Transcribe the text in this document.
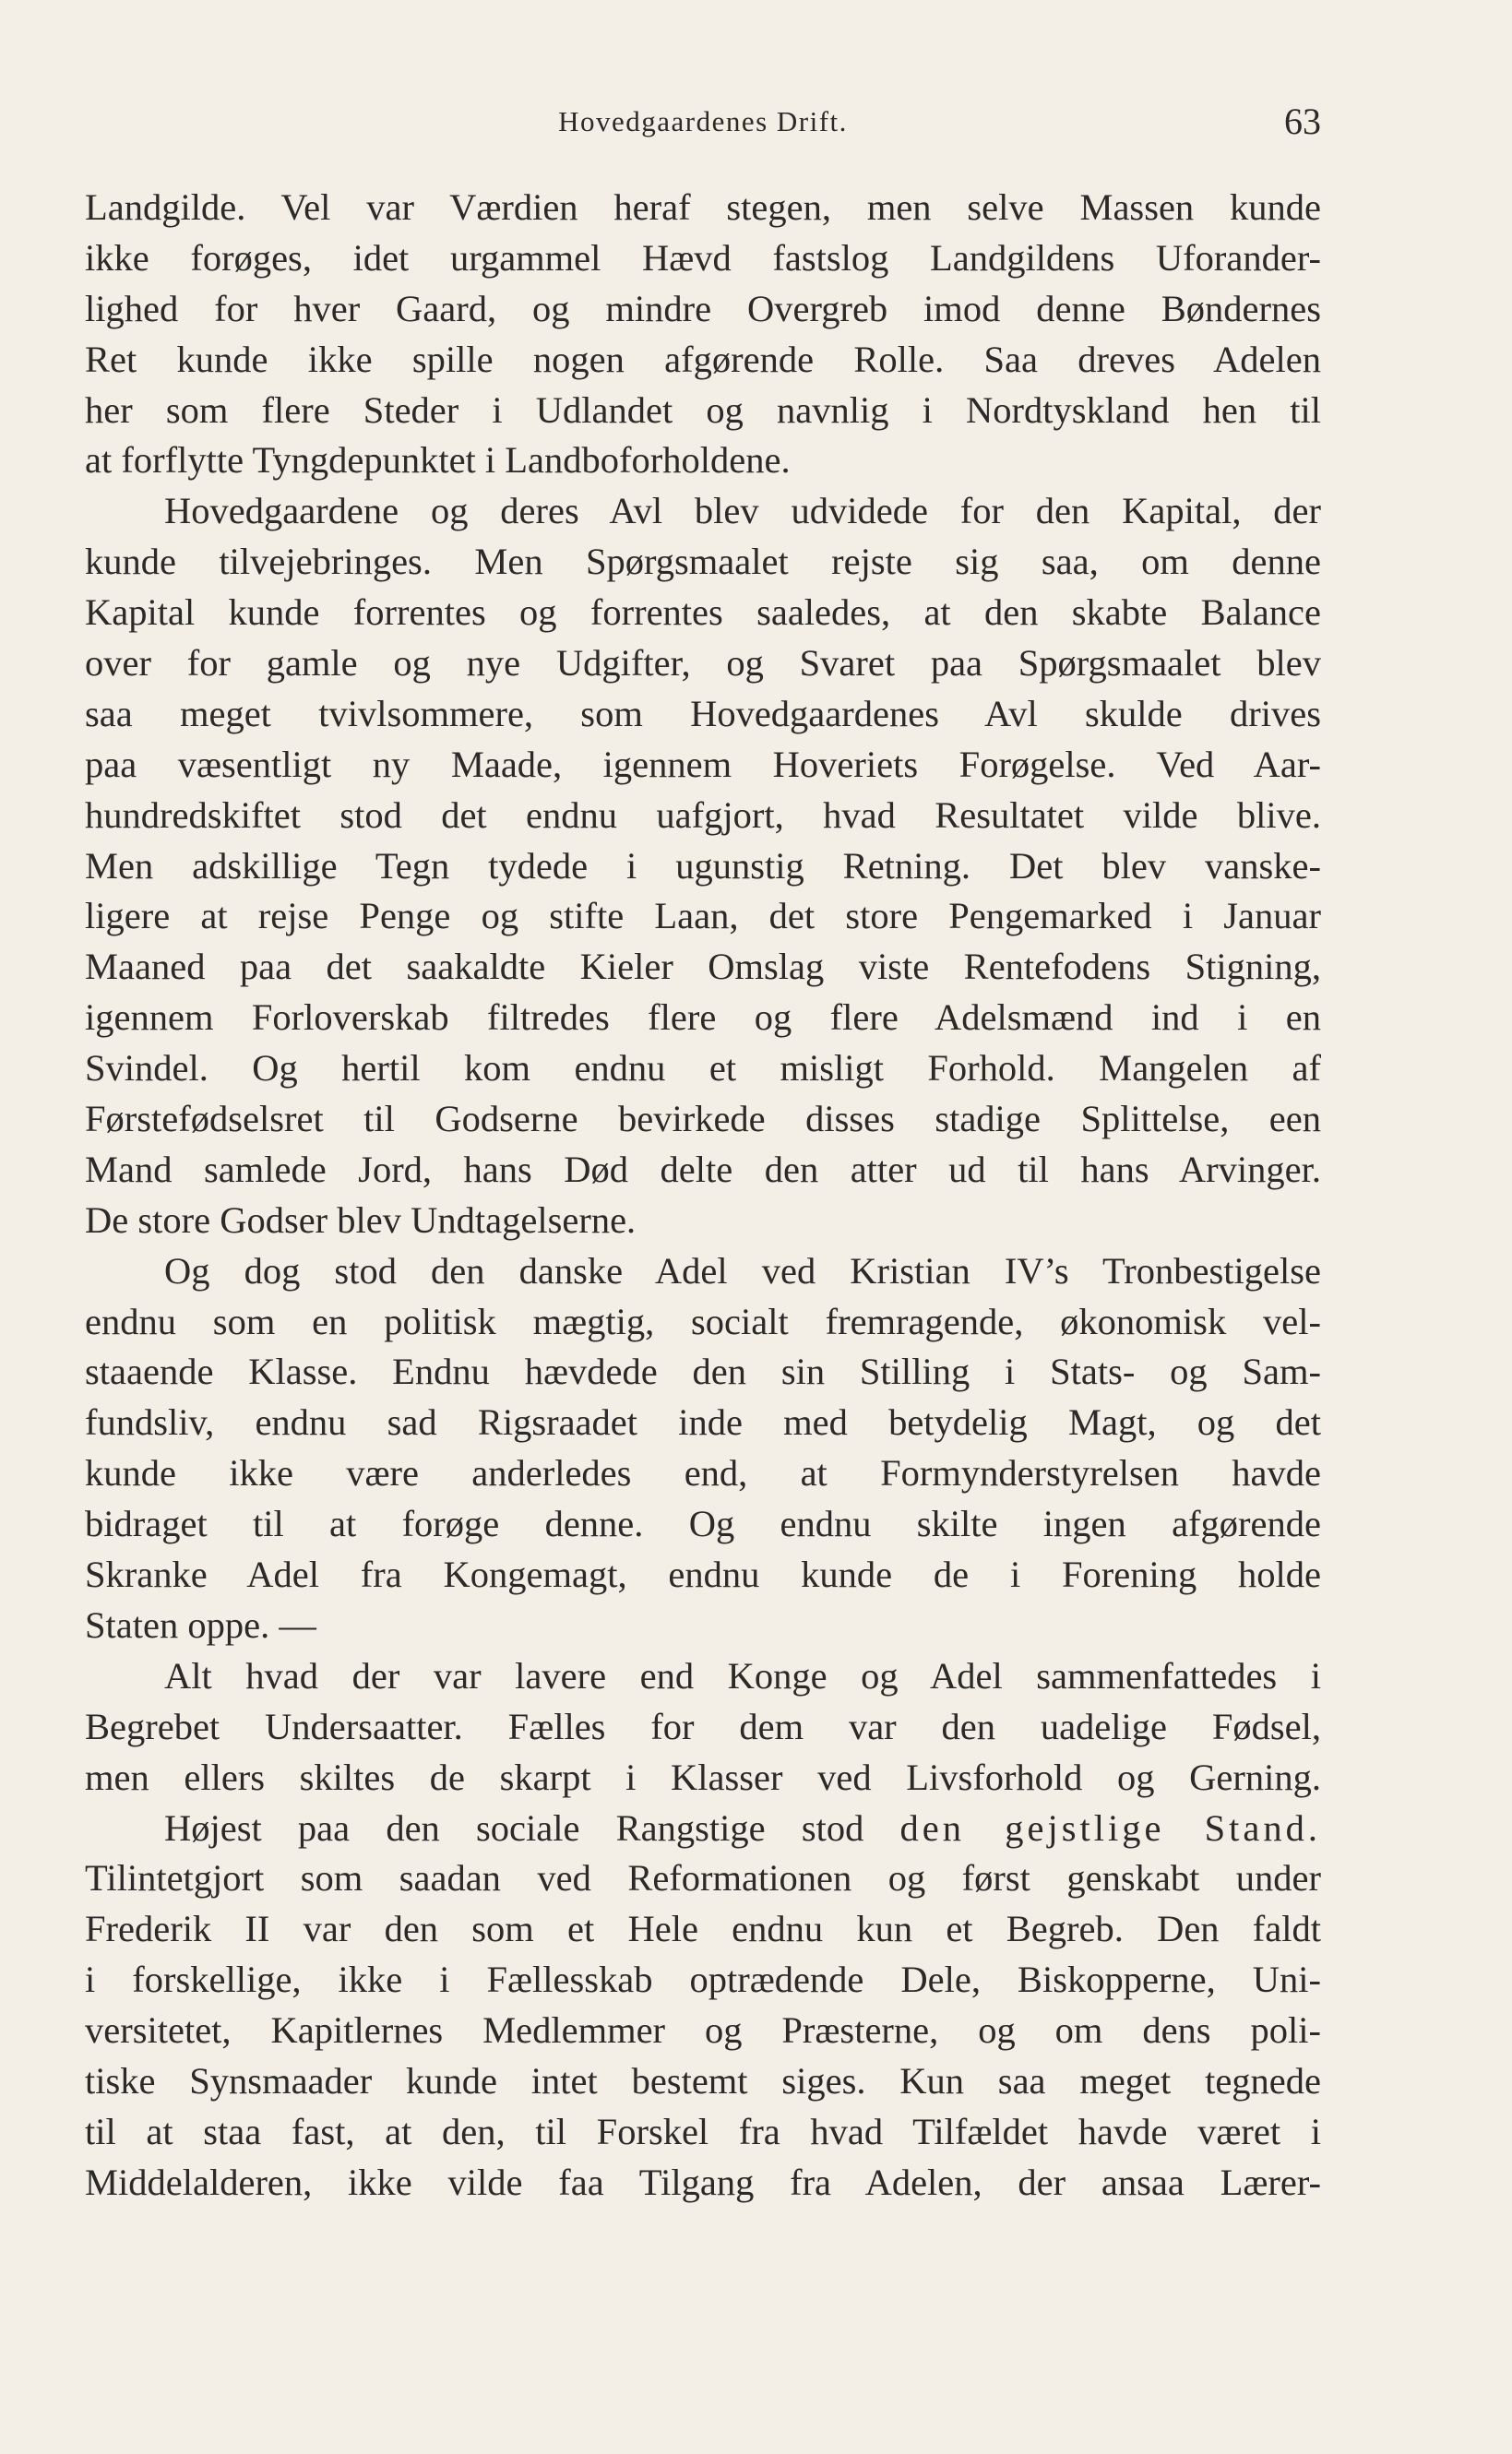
Hovedgaardenes Drift.	63
Landgilde. Vel var Værdien heraf stegen, men selve Massen kunde
ikke forøges, idet urgammel Hævd fastslog Landgildens Uforander-
lighed for hver Gaard, og mindre Overgreb imod denne Bøndernes
Ret kunde ikke spille nogen afgørende Rolle. Saa dreves Adelen
her som flere Steder i Udlandet og navnlig i Nordtyskland hen til
at forflytte Tyngdepunktet i Landboforholdene.
Hovedgaardene og deres Avl blev udvidede for den Kapital, der
kunde tilvejebringes. Men Spørgsmaalet rejste sig saa, om denne
Kapital kunde forrentes og forrentes saaledes, at den skabte Balance
over for gamle og nye Udgifter, og Svaret paa Spørgsmaalet blev
saa meget tvivlsommere, som Hovedgaardenes Avl skulde drives
paa væsentligt ny Maade, igennem Hoveriets Forøgelse. Ved Aar-
hundredskiftet stod det endnu uafgjort, hvad Resultatet vilde blive.
Men adskillige Tegn tydede i ugunstig Retning. Det blev vanske-
ligere at rejse Penge og stifte Laan, det store Pengemarked i Januar
Maaned paa det saakaldte Kieler Omslag viste Rentefodens Stigning,
igennem Forloverskab filtredes flere og flere Adelsmænd ind i en
Svindel. Og hertil kom endnu et misligt Forhold. Mangelen af
Førstefødselsret til Godserne bevirkede disses stadige Splittelse, een
Mand samlede Jord, hans Død delte den atter ud til hans Arvinger.
De store Godser blev Undtagelserne.
Og dog stod den danske Adel ved Kristian IV’s Tronbestigelse
endnu som en politisk mægtig, socialt fremragende, økonomisk vel-
staaende Klasse. Endnu hævdede den sin Stilling i Stats- og Sam-
fundsliv, endnu sad Rigsraadet inde med betydelig Magt, og det
kunde ikke være anderledes end, at Formynderstyrelsen havde
bidraget til at forøge denne. Og endnu skilte ingen afgørende
Skranke Adel fra Kongemagt, endnu kunde de i Forening holde
Staten oppe. —
Alt hvad der var lavere end Konge og Adel sammenfattedes i
Begrebet Undersaatter. Fælles for dem var den uadelige Fødsel,
men ellers skiltes de skarpt i Klasser ved Livsforhold og Gerning.
Højest paa den sociale Rangstige stod den gejstlige Stand.
Tilintetgjort som saadan ved Reformationen og først genskabt under
Frederik II var den som et Hele endnu kun et Begreb. Den faldt
i forskellige, ikke i Fællesskab optrædende Dele, Biskopperne, Uni-
versitetet, Kapitlernes Medlemmer og Præsterne, og om dens poli-
tiske Synsmaader kunde intet bestemt siges. Kun saa meget tegnede
til at staa fast, at den, til Forskel fra hvad Tilfældet havde været i
Middelalderen, ikke vilde faa Tilgang fra Adelen, der ansaa Lærer-
